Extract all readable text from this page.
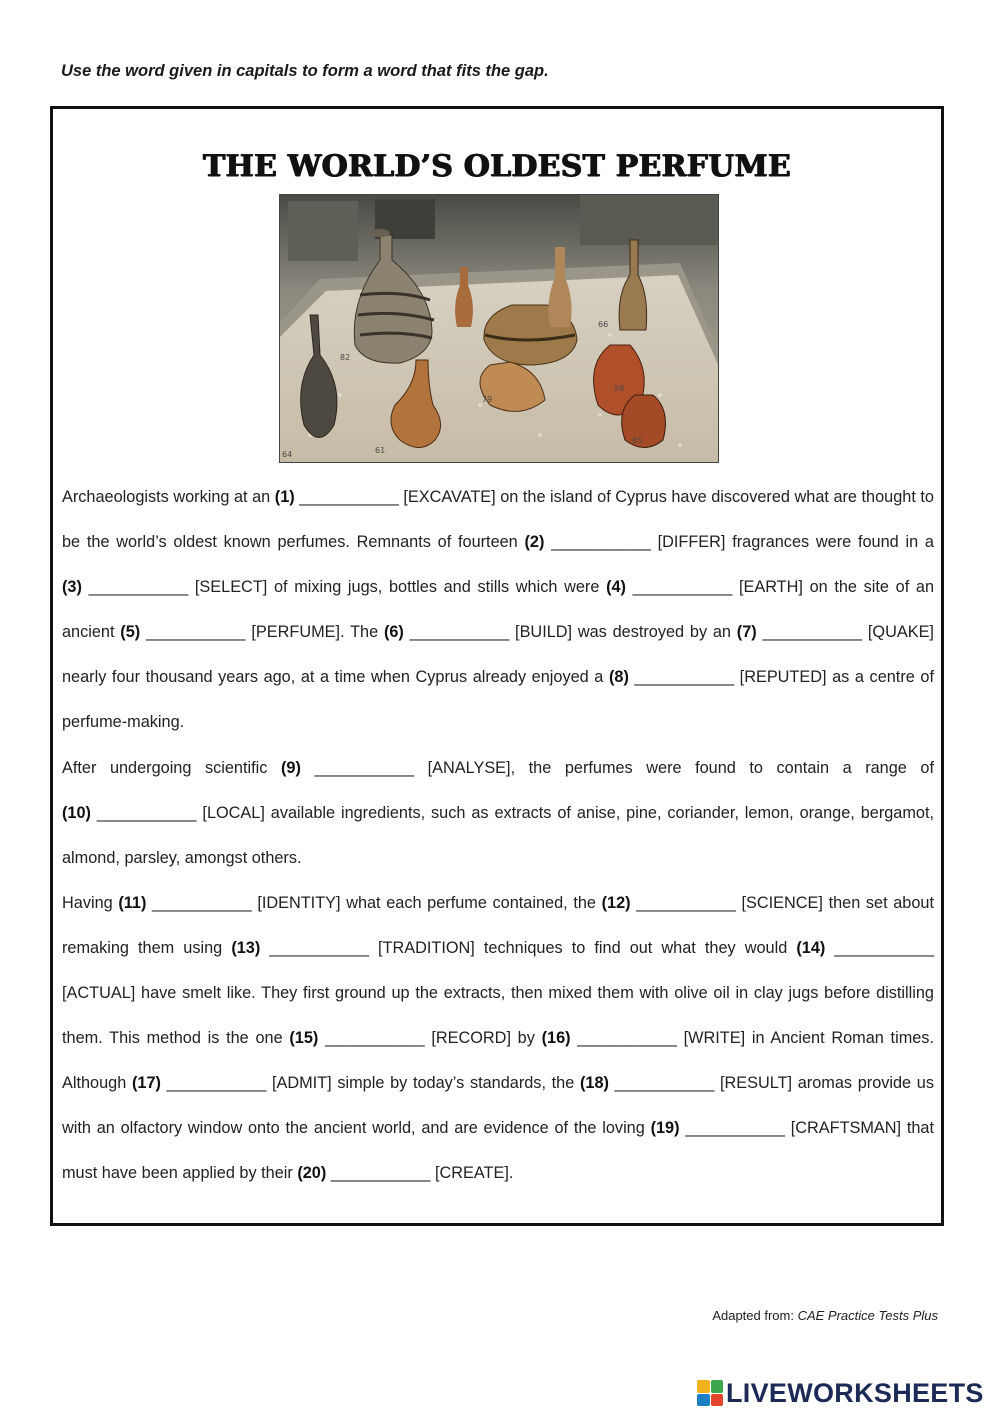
Use the word given in capitals to form a word that fits the gap.
THE WORLD’S OLDEST PERFUME
82
66
79
58
61
65
64

Archaeologists working at an (1) ___________ [EXCAVATE] on the island of Cyprus have discovered what are thought to be the world’s oldest known perfumes. Remnants of fourteen (2) ___________ [DIFFER] fragrances were found in a (3) ___________ [SELECT] of mixing jugs, bottles and stills which were (4) ___________ [EARTH] on the site of an ancient (5) ___________ [PERFUME]. The (6) ___________ [BUILD] was destroyed by an (7) ___________ [QUAKE] nearly four thousand years ago, at a time when Cyprus already enjoyed a (8) ___________ [REPUTED] as a centre of perfume-making.

After undergoing scientific (9) ___________ [ANALYSE], the perfumes were found to contain a range of (10) ___________ [LOCAL] available ingredients, such as extracts of anise, pine, coriander, lemon, orange, bergamot, almond, parsley, amongst others.

Having (11) ___________ [IDENTITY] what each perfume contained, the (12) ___________ [SCIENCE] then set about remaking them using (13) ___________ [TRADITION] techniques to find out what they would (14) ___________ [ACTUAL] have smelt like. They first ground up the extracts, then mixed them with olive oil in clay jugs before distilling them. This method is the one (15) ___________ [RECORD] by (16) ___________ [WRITE] in Ancient Roman times. Although (17) ___________ [ADMIT] simple by today’s standards, the (18) ___________ [RESULT] aromas provide us with an olfactory window onto the ancient world, and are evidence of the loving (19) ___________ [CRAFTSMAN] that must have been applied by their (20) ___________ [CREATE].

Adapted from: CAE Practice Tests Plus
LIVEWORKSHEETS
